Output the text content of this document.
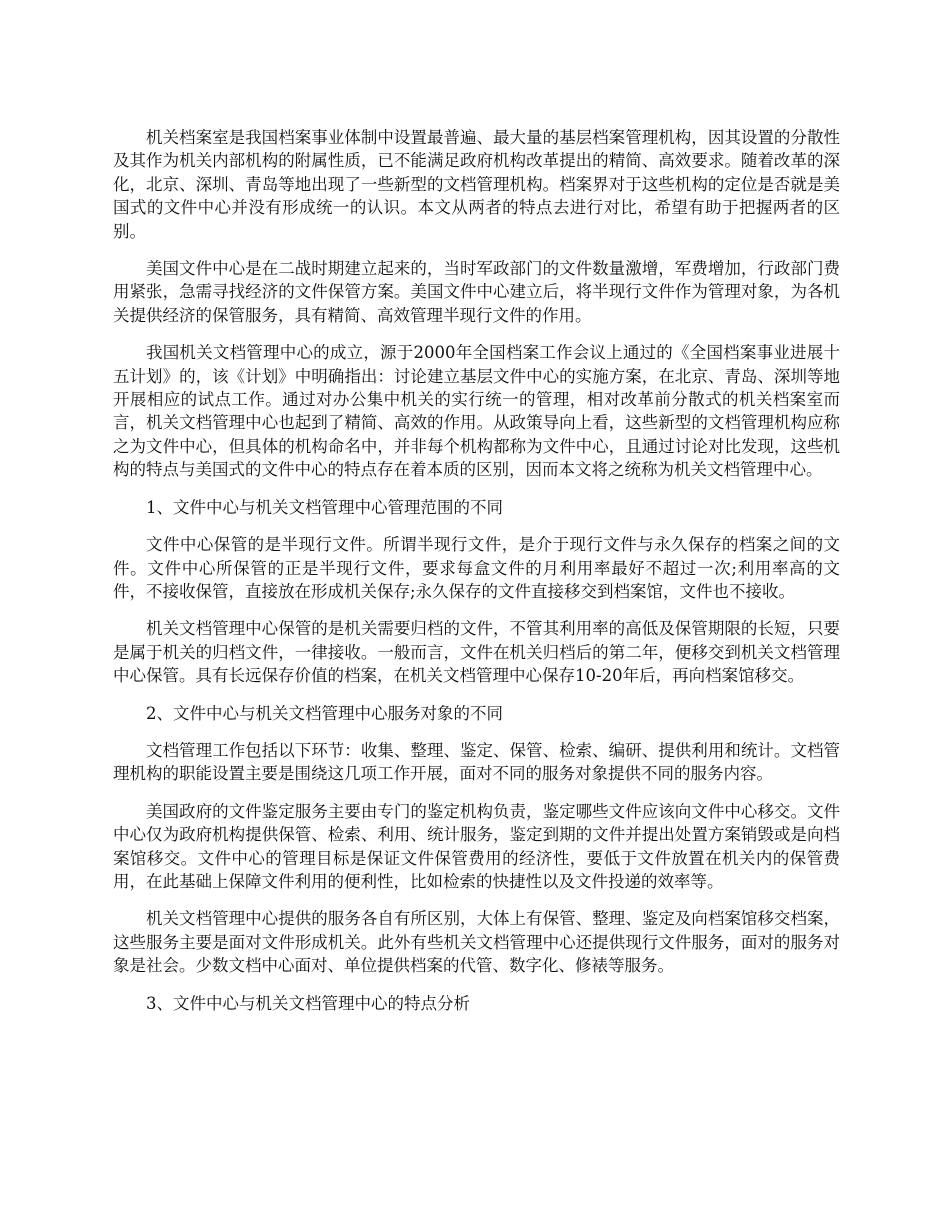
机关档案室是我国档案事业体制中设置最普遍、最大量的基层档案管理机构，因其设置的分散性及其作为机关内部机构的附属性质，已不能满足政府机构改革提出的精简、高效要求。随着改革的深化，北京、深圳、青岛等地出现了一些新型的文档管理机构。档案界对于这些机构的定位是否就是美国式的文件中心并没有形成统一的认识。本文从两者的特点去进行对比，希望有助于把握两者的区别。

美国文件中心是在二战时期建立起来的，当时军政部门的文件数量激增，军费增加，行政部门费用紧张，急需寻找经济的文件保管方案。美国文件中心建立后，将半现行文件作为管理对象，为各机关提供经济的保管服务，具有精简、高效管理半现行文件的作用。

我国机关文档管理中心的成立，源于2000年全国档案工作会议上通过的《全国档案事业进展十五计划》的，该《计划》中明确指出：讨论建立基层文件中心的实施方案，在北京、青岛、深圳等地开展相应的试点工作。通过对办公集中机关的实行统一的管理，相对改革前分散式的机关档案室而言，机关文档管理中心也起到了精简、高效的作用。从政策导向上看，这些新型的文档管理机构应称之为文件中心，但具体的机构命名中，并非每个机构都称为文件中心，且通过讨论对比发现，这些机构的特点与美国式的文件中心的特点存在着本质的区别，因而本文将之统称为机关文档管理中心。

1、文件中心与机关文档管理中心管理范围的不同

文件中心保管的是半现行文件。所谓半现行文件，是介于现行文件与永久保存的档案之间的文件。文件中心所保管的正是半现行文件，要求每盒文件的月利用率最好不超过一次;利用率高的文件，不接收保管，直接放在形成机关保存;永久保存的文件直接移交到档案馆，文件也不接收。

机关文档管理中心保管的是机关需要归档的文件，不管其利用率的高低及保管期限的长短，只要是属于机关的归档文件，一律接收。一般而言，文件在机关归档后的第二年，便移交到机关文档管理中心保管。具有长远保存价值的档案，在机关文档管理中心保存10-20年后，再向档案馆移交。

2、文件中心与机关文档管理中心服务对象的不同

文档管理工作包括以下环节：收集、整理、鉴定、保管、检索、编研、提供利用和统计。文档管理机构的职能设置主要是围绕这几项工作开展，面对不同的服务对象提供不同的服务内容。

美国政府的文件鉴定服务主要由专门的鉴定机构负责，鉴定哪些文件应该向文件中心移交。文件中心仅为政府机构提供保管、检索、利用、统计服务，鉴定到期的文件并提出处置方案销毁或是向档案馆移交。文件中心的管理目标是保证文件保管费用的经济性，要低于文件放置在机关内的保管费用，在此基础上保障文件利用的便利性，比如检索的快捷性以及文件投递的效率等。

机关文档管理中心提供的服务各自有所区别，大体上有保管、整理、鉴定及向档案馆移交档案，这些服务主要是面对文件形成机关。此外有些机关文档管理中心还提供现行文件服务，面对的服务对象是社会。少数文档中心面对、单位提供档案的代管、数字化、修裱等服务。

3、文件中心与机关文档管理中心的特点分析
